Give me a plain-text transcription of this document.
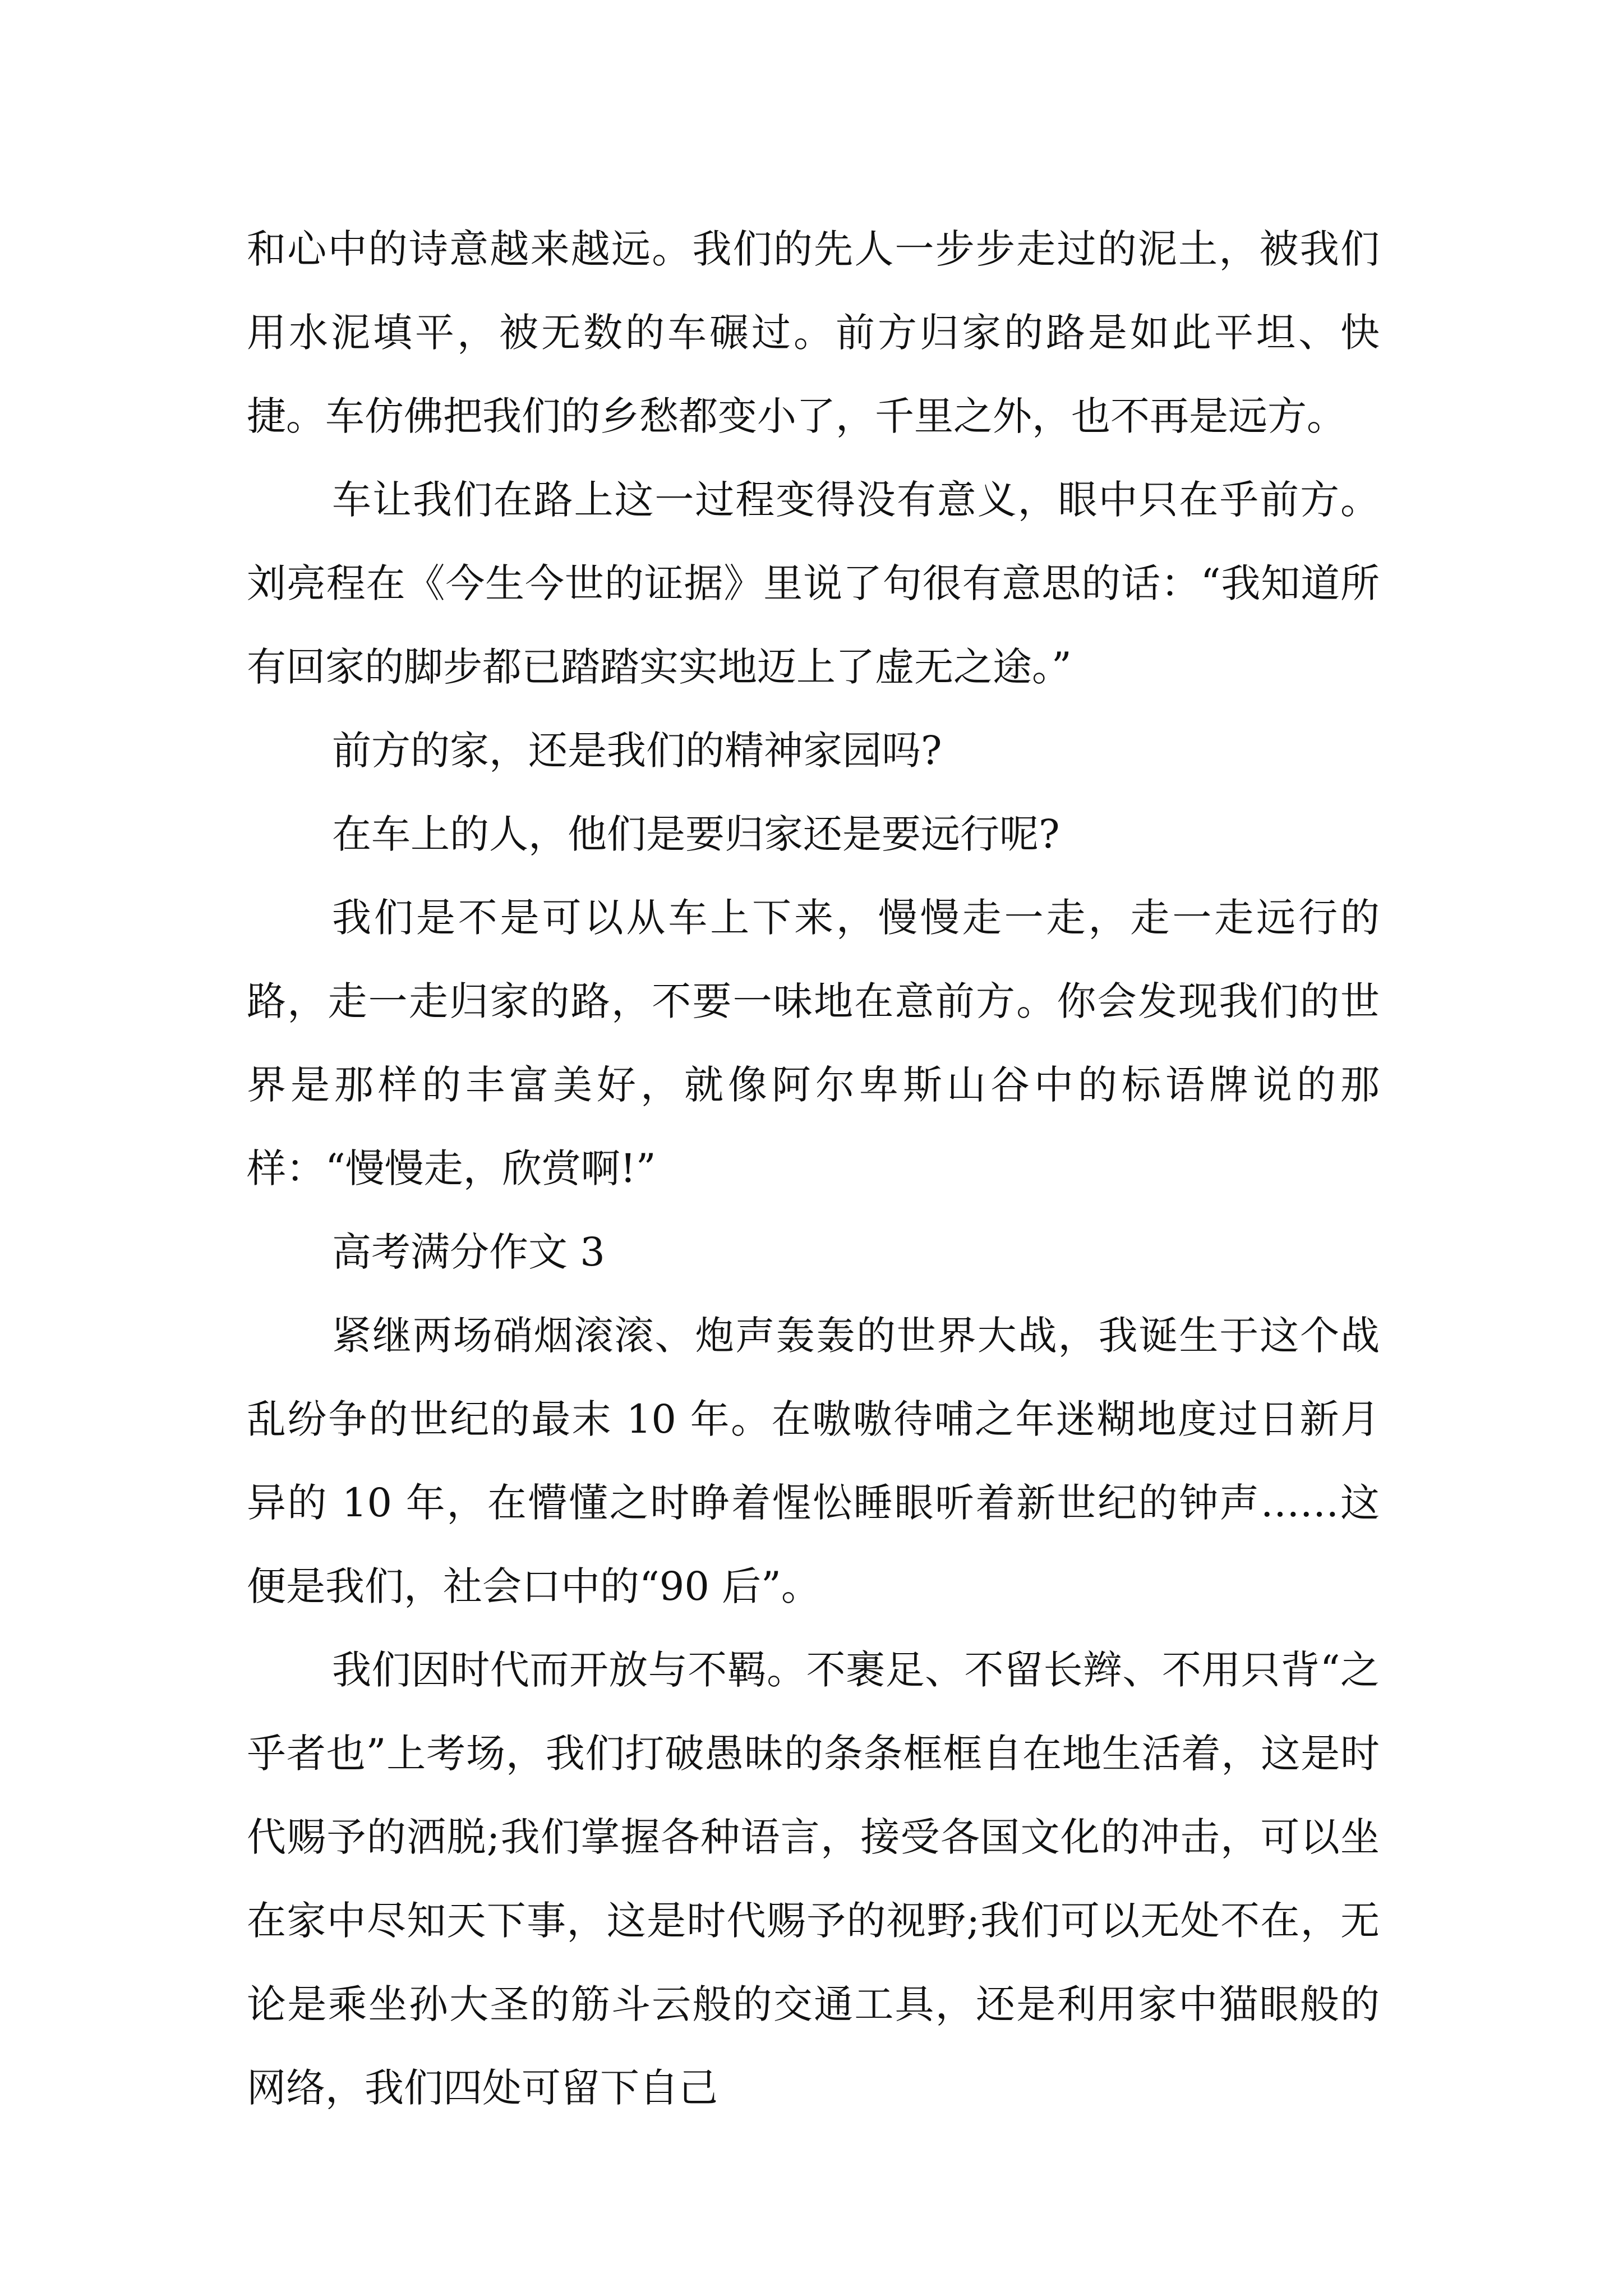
和心中的诗意越来越远。我们的先人一步步走过的泥土，被我们用水泥填平，被无数的车碾过。前方归家的路是如此平坦、快捷。车仿佛把我们的乡愁都变小了，千里之外，也不再是远方。

车让我们在路上这一过程变得没有意义，眼中只在乎前方。刘亮程在《今生今世的证据》里说了句很有意思的话：“我知道所有回家的脚步都已踏踏实实地迈上了虚无之途。”

前方的家，还是我们的精神家园吗?

在车上的人，他们是要归家还是要远行呢?

我们是不是可以从车上下来，慢慢走一走，走一走远行的路，走一走归家的路，不要一味地在意前方。你会发现我们的世界是那样的丰富美好，就像阿尔卑斯山谷中的标语牌说的那样：“慢慢走，欣赏啊!”

高考满分作文 3

紧继两场硝烟滚滚、炮声轰轰的世界大战，我诞生于这个战乱纷争的世纪的最末 10 年。在嗷嗷待哺之年迷糊地度过日新月异的 10 年，在懵懂之时睁着惺忪睡眼听着新世纪的钟声……这便是我们，社会口中的“90 后”。

我们因时代而开放与不羁。不裹足、不留长辫、不用只背“之乎者也”上考场，我们打破愚昧的条条框框自在地生活着，这是时代赐予的洒脱;我们掌握各种语言，接受各国文化的冲击，可以坐在家中尽知天下事，这是时代赐予的视野;我们可以无处不在，无论是乘坐孙大圣的筋斗云般的交通工具，还是利用家中猫眼般的网络，我们四处可留下自己
